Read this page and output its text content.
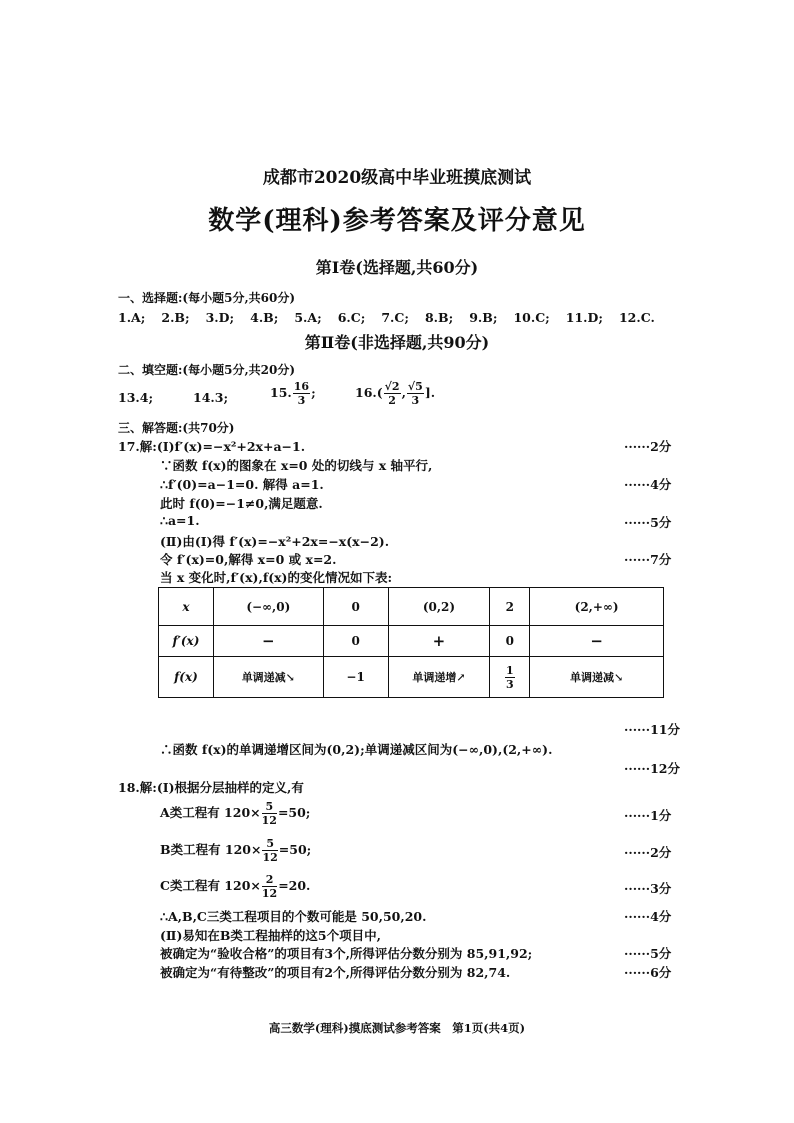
成都市2020级高中毕业班摸底测试
数学(理科)参考答案及评分意见
第Ⅰ卷(选择题,共60分)
一、选择题:(每小题5分,共60分)
1.A; 2.B; 3.D; 4.B; 5.A; 6.C; 7.C; 8.B; 9.B; 10.C; 11.D; 12.C.
第Ⅱ卷(非选择题,共90分)
二、填空题:(每小题5分,共20分)
13.4;	14.3;	15. $\frac{16}{3}$ ;	$16.( \frac{√2}{2}$ , $\frac{√5}{3}$ ].
三、解答题:(共70分)
17.解:(Ⅰ)f′(x)=−x²+2x+a−1.	······2分
∵函数 f(x)的图象在 x=0 处的切线与 x 轴平行,
∴f′(0)=a−1=0. 解得 a=1.	······4分
此时 f(0)=−1≠0,满足题意.
∴a=1.	······5分
(Ⅱ)由(Ⅰ)得 f′(x)=−x²+2x=−x(x−2).
令 f′(x)=0,解得 x=0 或 x=2.	······7分
当 x 变化时,f′(x),f(x)的变化情况如下表:
x	(−∞,0)	0	(0,2)	2	(2,+∞)
f′(x)	−	0	+	0	−
f(x)	单调递减↘	−1	单调递增↗	$\frac{1}{3}$	单调递减↘
······11分
∴函数 f(x)的单调递增区间为(0,2);单调递减区间为(−∞,0),(2,+∞).
······12分
18.解:(Ⅰ)根据分层抽样的定义,有
A类工程有 $120\times \frac{5}{12} =50$;	······1分
B类工程有 $120\times \frac{5}{12} =50$;	······2分
C类工程有 $120\times \frac{2}{12} =20$.	······3分
∴A,B,C三类工程项目的个数可能是 50,50,20.	······4分
(Ⅱ)易知在B类工程抽样的这5个项目中,
被确定为“验收合格”的项目有3个,所得评估分数分别为 85,91,92;	······5分
被确定为“有待整改”的项目有2个,所得评估分数分别为 82,74.	······6分
高三数学(理科)摸底测试参考答案　第1页(共4页)
